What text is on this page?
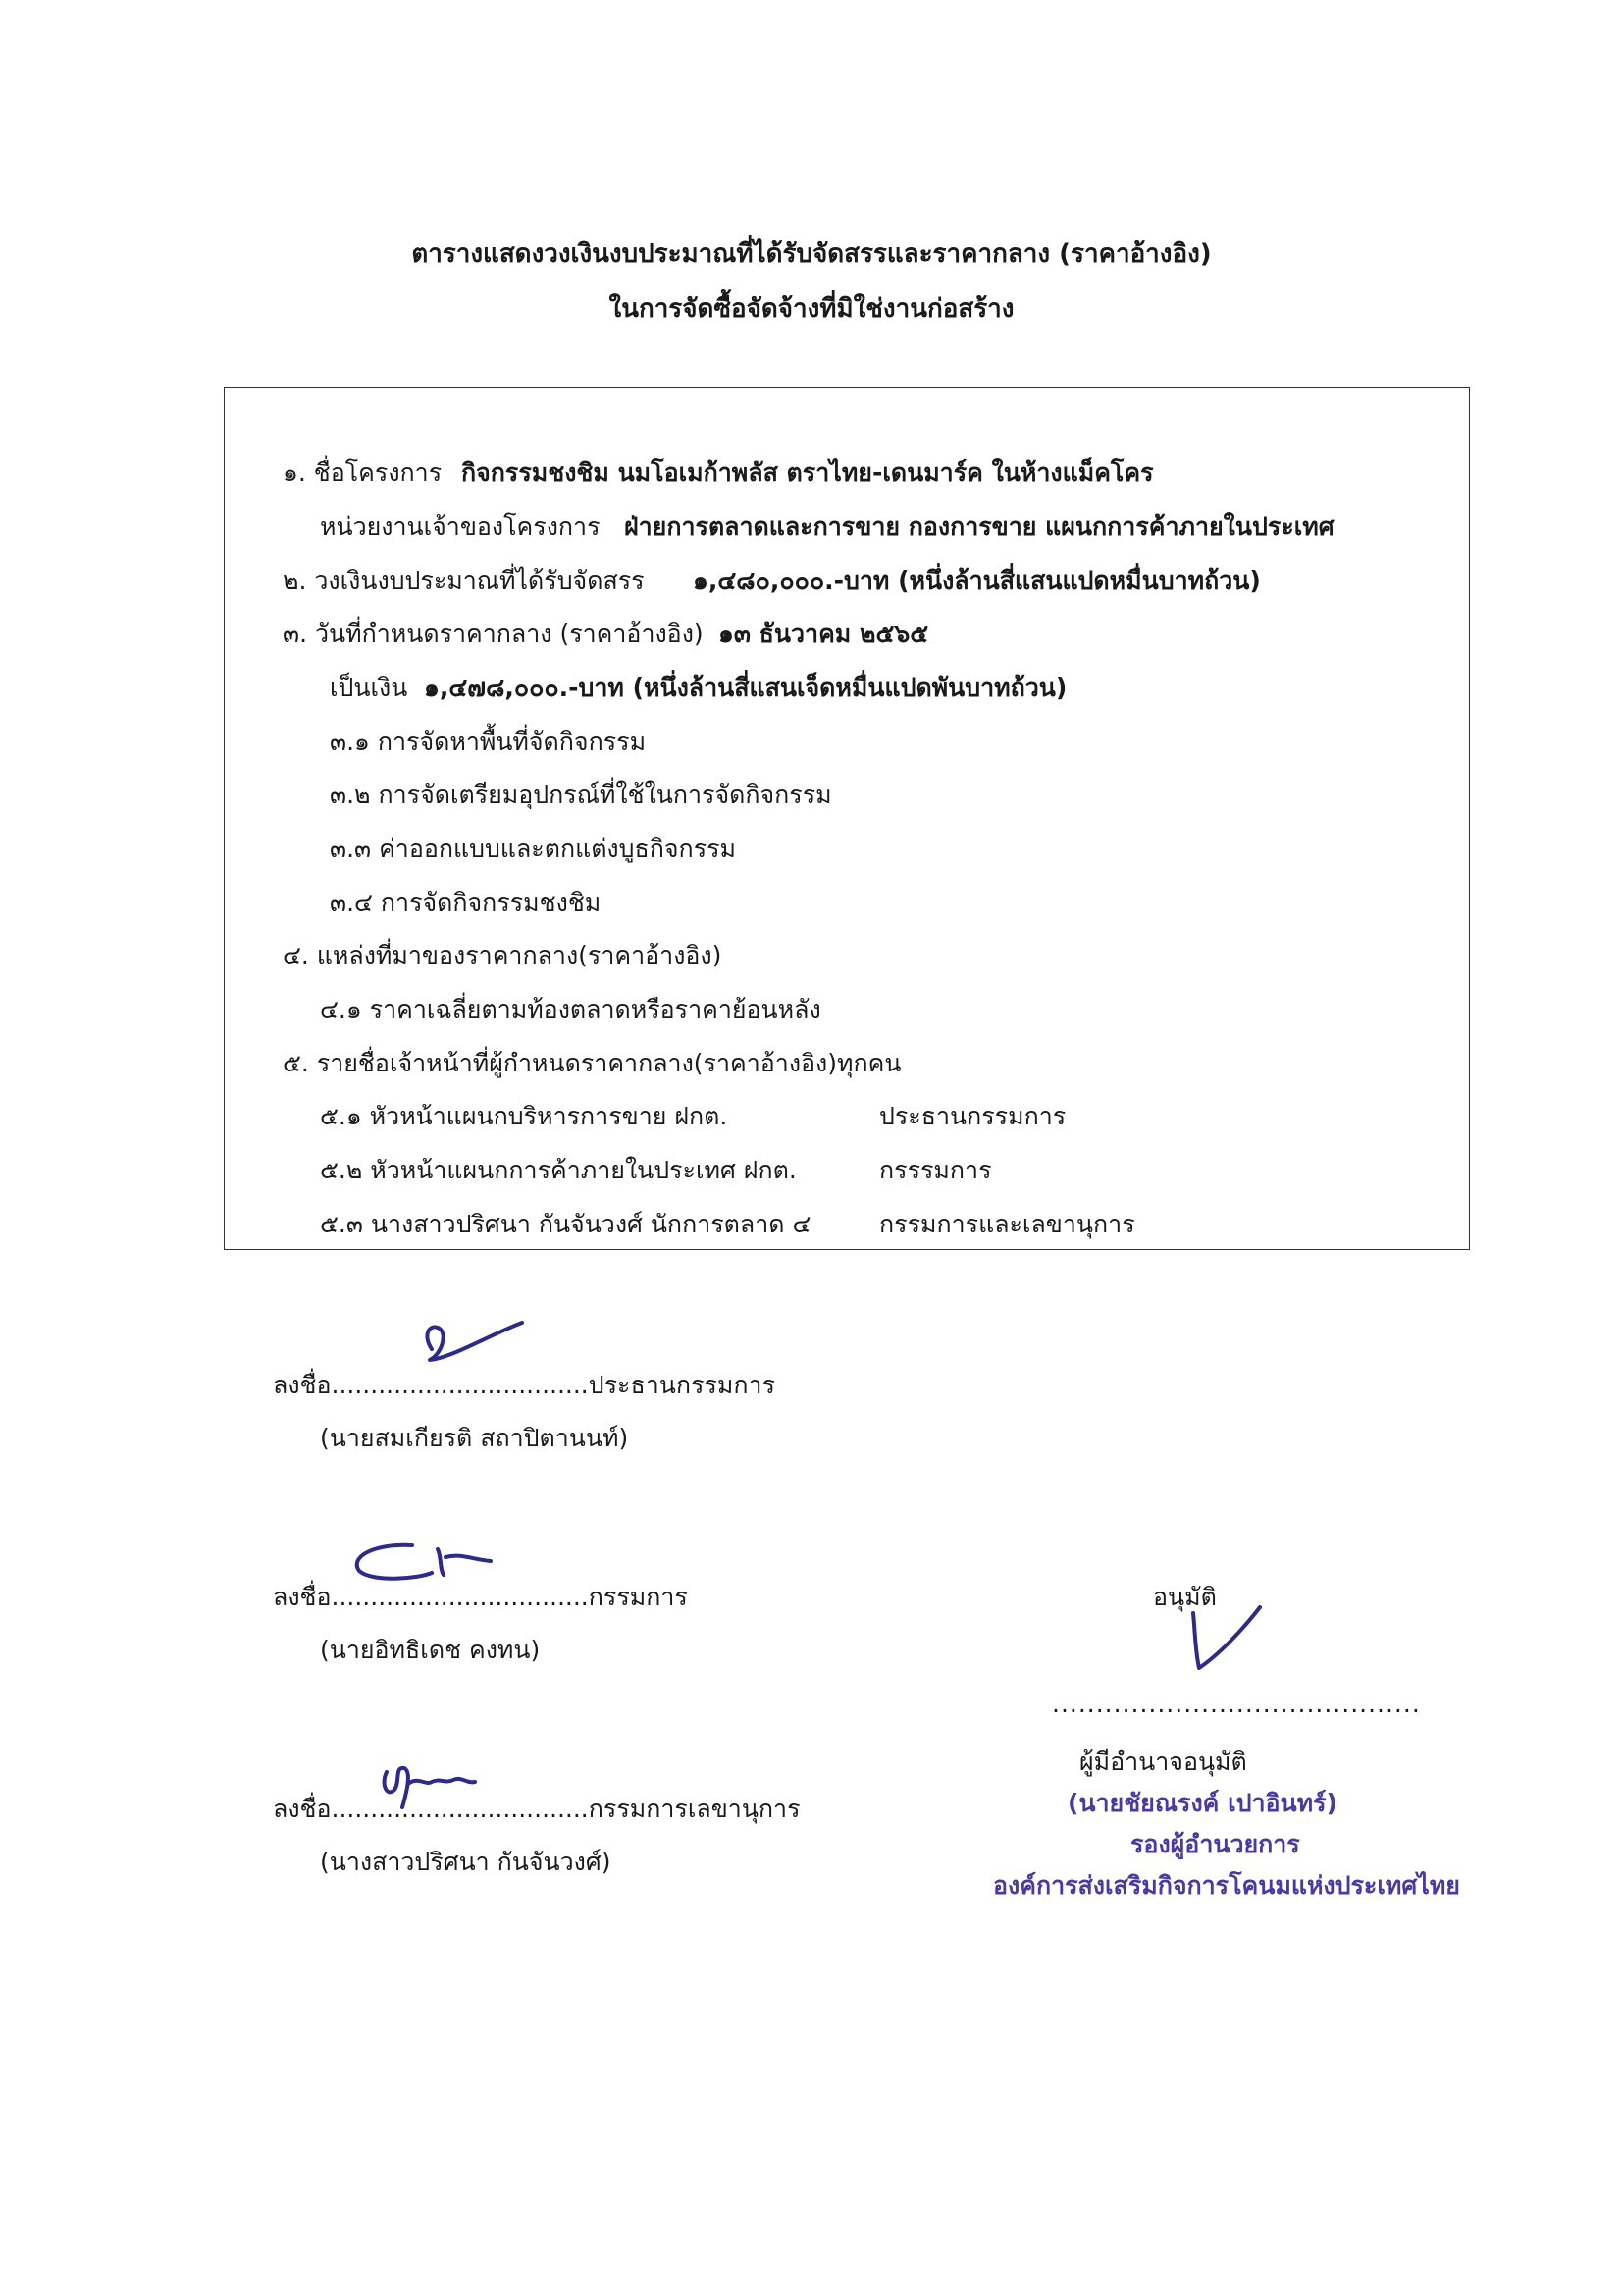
ตารางแสดงวงเงินงบประมาณที่ได้รับจัดสรรและราคากลาง (ราคาอ้างอิง)
ในการจัดซื้อจัดจ้างที่มิใช่งานก่อสร้าง
๑. ชื่อโครงการ กิจกรรมชงชิม นมโอเมก้าพลัส ตราไทย-เดนมาร์ค ในห้างแม็คโคร
หน่วยงานเจ้าของโครงการ ฝ่ายการตลาดและการขาย กองการขาย แผนกการค้าภายในประเทศ
๒. วงเงินงบประมาณที่ได้รับจัดสรร ๑,๔๘๐,๐๐๐.-บาท (หนึ่งล้านสี่แสนแปดหมื่นบาทถ้วน)
๓. วันที่กำหนดราคากลาง (ราคาอ้างอิง) ๑๓ ธันวาคม ๒๕๖๕
เป็นเงิน ๑,๔๗๘,๐๐๐.-บาท (หนึ่งล้านสี่แสนเจ็ดหมื่นแปดพันบาทถ้วน)
๓.๑ การจัดหาพื้นที่จัดกิจกรรม
๓.๒ การจัดเตรียมอุปกรณ์ที่ใช้ในการจัดกิจกรรม
๓.๓ ค่าออกแบบและตกแต่งบูธกิจกรรม
๓.๔ การจัดกิจกรรมชงชิม
๔. แหล่งที่มาของราคากลาง(ราคาอ้างอิง)
๔.๑ ราคาเฉลี่ยตามท้องตลาดหรือราคาย้อนหลัง
๕. รายชื่อเจ้าหน้าที่ผู้กำหนดราคากลาง(ราคาอ้างอิง)ทุกคน
๕.๑ หัวหน้าแผนกบริหารการขาย ฝกต.	ประธานกรรมการ
๕.๒ หัวหน้าแผนกการค้าภายในประเทศ ฝกต.	กรรรมการ
๕.๓ นางสาวปริศนา กันจันวงศ์ นักการตลาด ๔	กรรมการและเลขานุการ
ลงชื่อ.................................ประธานกรรมการ
(นายสมเกียรติ สถาปิตานนท์)
ลงชื่อ.................................กรรมการ
(นายอิทธิเดช คงทน)
ลงชื่อ.................................กรรมการเลขานุการ
(นางสาวปริศนา กันจันวงศ์)
อนุมัติ
..........................................
ผู้มีอำนาจอนุมัติ
(นายชัยณรงค์ เปาอินทร์)
รองผู้อำนวยการ
องค์การส่งเสริมกิจการโคนมแห่งประเทศไทย
